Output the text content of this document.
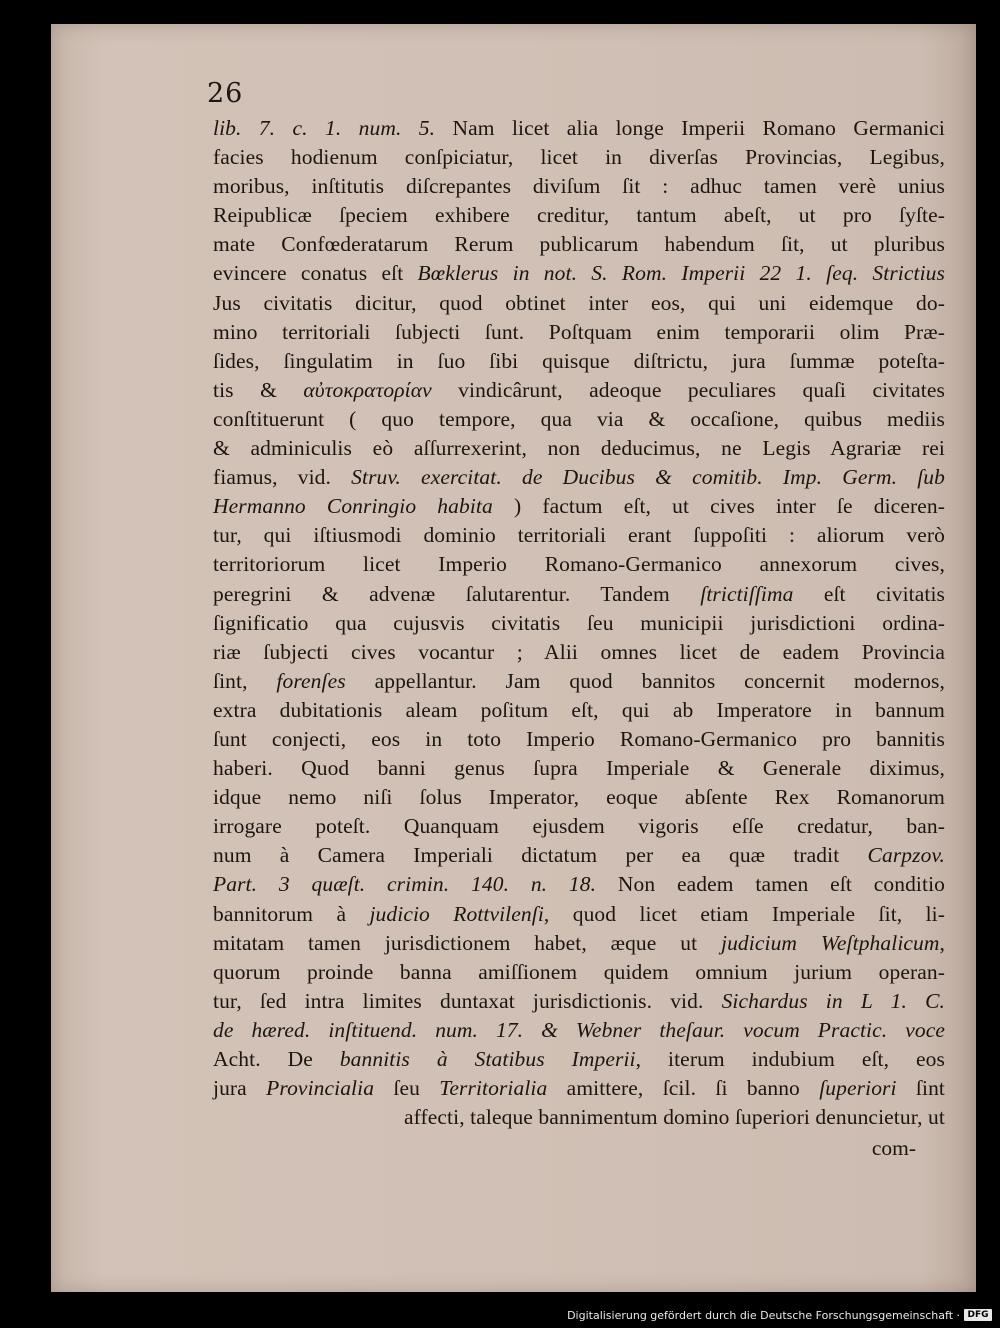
26
lib. 7. c. 1. num. 5. Nam licet alia longe Imperii Romano Germanici
facies hodienum conſpiciatur, licet in diverſas Provincias, Legibus,
moribus, inſtitutis diſcrepantes diviſum ſit : adhuc tamen verè unius
Reipublicæ ſpeciem exhibere creditur, tantum abeſt, ut pro ſyſte-
mate Confœderatarum Rerum publicarum habendum ſit, ut pluribus
evincere conatus eſt Bœklerus in not. S. Rom. Imperii 22 1. ſeq. Strictius
Jus civitatis dicitur, quod obtinet inter eos, qui uni eidemque do-
mino territoriali ſubjecti ſunt. Poſtquam enim temporarii olim Præ-
ſides, ſingulatim in ſuo ſibi quisque diſtrictu, jura ſummæ poteſta-
tis & αὐτοκρατορίαν vindicârunt, adeoque peculiares quaſi civitates
conſtituerunt ( quo tempore, qua via & occaſione, quibus mediis
& adminiculis eò aſſurrexerint, non deducimus, ne Legis Agrariæ rei
fiamus, vid. Struv. exercitat. de Ducibus & comitib. Imp. Germ. ſub
Hermanno Conringio habita ) factum eſt, ut cives inter ſe diceren-
tur, qui iſtiusmodi dominio territoriali erant ſuppoſiti : aliorum verò
territoriorum licet Imperio Romano-Germanico annexorum cives,
peregrini & advenæ ſalutarentur. Tandem ſtrictiſſima eſt civitatis
ſignificatio qua cujusvis civitatis ſeu municipii jurisdictioni ordina-
riæ ſubjecti cives vocantur ; Alii omnes licet de eadem Provincia
ſint, forenſes appellantur. Jam quod bannitos concernit modernos,
extra dubitationis aleam poſitum eſt, qui ab Imperatore in bannum
ſunt conjecti, eos in toto Imperio Romano-Germanico pro bannitis
haberi. Quod banni genus ſupra Imperiale & Generale diximus,
idque nemo niſi ſolus Imperator, eoque abſente Rex Romanorum
irrogare poteſt. Quanquam ejusdem vigoris eſſe credatur, ban-
num à Camera Imperiali dictatum per ea quæ tradit Carpzov.
Part. 3 quæſt. crimin. 140. n. 18. Non eadem tamen eſt conditio
bannitorum à judicio Rottvilenſi, quod licet etiam Imperiale ſit, li-
mitatam tamen jurisdictionem habet, æque ut judicium Weſtphalicum,
quorum proinde banna amiſſionem quidem omnium jurium operan-
tur, ſed intra limites duntaxat jurisdictionis. vid. Sichardus in L 1. C.
de hæred. inſtituend. num. 17. & Webner theſaur. vocum Practic. voce
Acht. De bannitis à Statibus Imperii, iterum indubium eſt, eos
jura Provincialia ſeu Territorialia amittere, ſcil. ſi banno ſuperiori ſint
affecti, taleque bannimentum domino ſuperiori denuncietur, ut
com-
Digitalisierung gefördert durch die Deutsche Forschungsgemeinschaft · DFG
